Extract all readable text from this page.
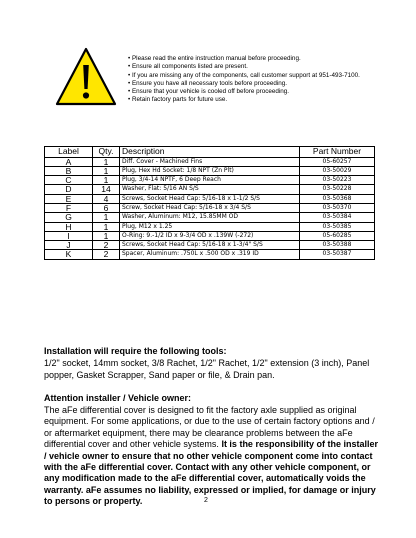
• Please read the entire instruction manual before proceeding.
• Ensure all components listed are present.
• If you are missing any of the components, call customer support at 951-493-7100.
• Ensure you have all necessary tools before proceeding.
• Ensure that your vehicle is cooled off before proceeding.
• Retain factory parts for future use.
Label	Qty.	Description	Part Number
A	1	Diff. Cover - Machined Fins	05-60257
B	1	Plug, Hex Hd Socket: 1/8 NPT (Zn Plt)	03-50029
C	1	Plug, 3/4-14 NPTF, 6 Deep Reach	03-50223
D	14	Washer, Flat: 5/16 AN S/S	03-50228
E	4	Screws, Socket Head Cap: 5/16-18 x 1-1/2 S/S	03-50368
F	6	Screw, Socket Head Cap: 5/16-18 x 3/4 S/S	03-50370
G	1	Washer, Aluminum: M12, 15.85MM OD	03-50384
H	1	Plug, M12 x 1.25	03-50385
I	1	O-Ring: 9.-1/2 ID x 9-3/4 OD x .139W (-272)	05-60285
J	2	Screws, Socket Head Cap: 5/16-18 x 1-3/4" S/S	03-50388
K	2	Spacer, Aluminum: .750L x .500 OD x .319 ID	03-50387
Installation will require the following tools:
1/2" socket, 14mm socket, 3/8 Rachet, 1/2" Rachet, 1/2" extension (3 inch), Panel popper, Gasket Scrapper, Sand paper or file, & Drain pan.
Attention installer / Vehicle owner:
The aFe differential cover is designed to fit the factory axle supplied as original equipment. For some applications, or due to the use of certain factory options and / or aftermarket equipment, there may be clearance problems between the aFe differential cover and other vehicle systems. It is the responsibility of the installer / vehicle owner to ensure that no other vehicle component come into contact with the aFe differential cover. Contact with any other vehicle component, or any modification made to the aFe differential cover, automatically voids the warranty. aFe assumes no liability, expressed or implied, for damage or injury to persons or property.	2
